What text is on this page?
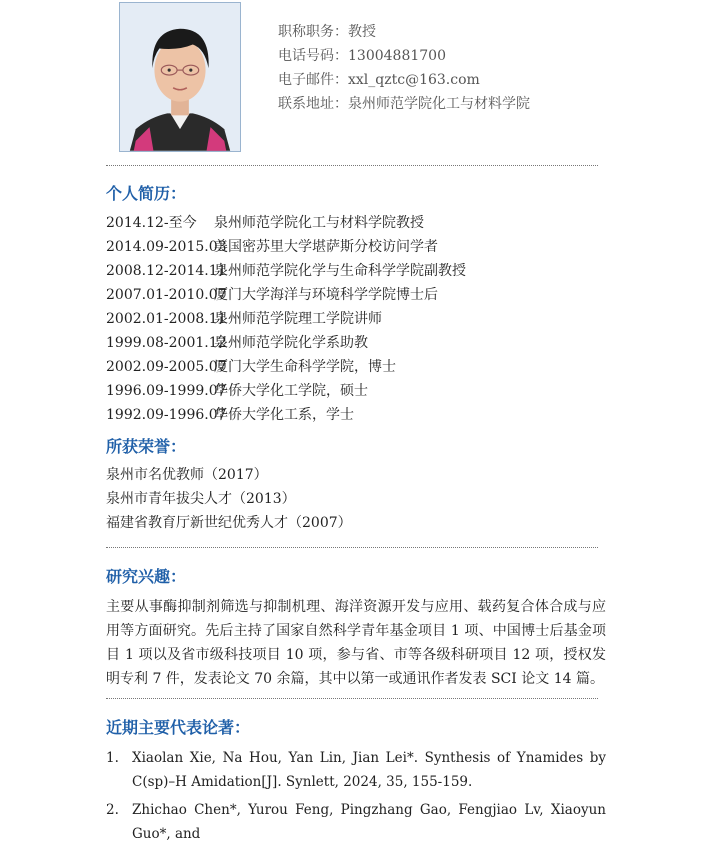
职称职务：教授
电话号码：13004881700
电子邮件：xxl_qztc@163.com
联系地址：泉州师范学院化工与材料学院
个人简历：
2014.12-至今	泉州师范学院化工与材料学院教授
2014.09-2015.03
美国密苏里大学堪萨斯分校访问学者
2008.12-2014.11
泉州师范学院化学与生命科学学院副教授
2007.01-2010.07
厦门大学海洋与环境科学学院博士后
2002.01-2008.11
泉州师范学院理工学院讲师
1999.08-2001.12
泉州师范学院化学系助教
2002.09-2005.07
厦门大学生命科学学院，博士
1996.09-1999.07
华侨大学化工学院，硕士
1992.09-1996.07
华侨大学化工系，学士
所获荣誉：
泉州市名优教师（2017）
泉州市青年拔尖人才（2013）
福建省教育厅新世纪优秀人才（2007）
研究兴趣：
主要从事酶抑制剂筛选与抑制机理、海洋资源开发与应用、载药复合体合成与应用等方面研究。先后主持了国家自然科学青年基金项目 1 项、中国博士后基金项目 1 项以及省市级科技项目 10 项，参与省、市等各级科研项目 12 项，授权发明专利 7 件，发表论文 70 余篇，其中以第一或通讯作者发表 SCI 论文 14 篇。
近期主要代表论著：
1. Xiaolan Xie, Na Hou, Yan Lin, Jian Lei*. Synthesis of Ynamides by C(sp)–H Amidation[J]. Synlett, 2024, 35, 155-159.
2. Zhichao Chen*, Yurou Feng, Pingzhang Gao, Fengjiao Lv, Xiaoyun Guo*, and
